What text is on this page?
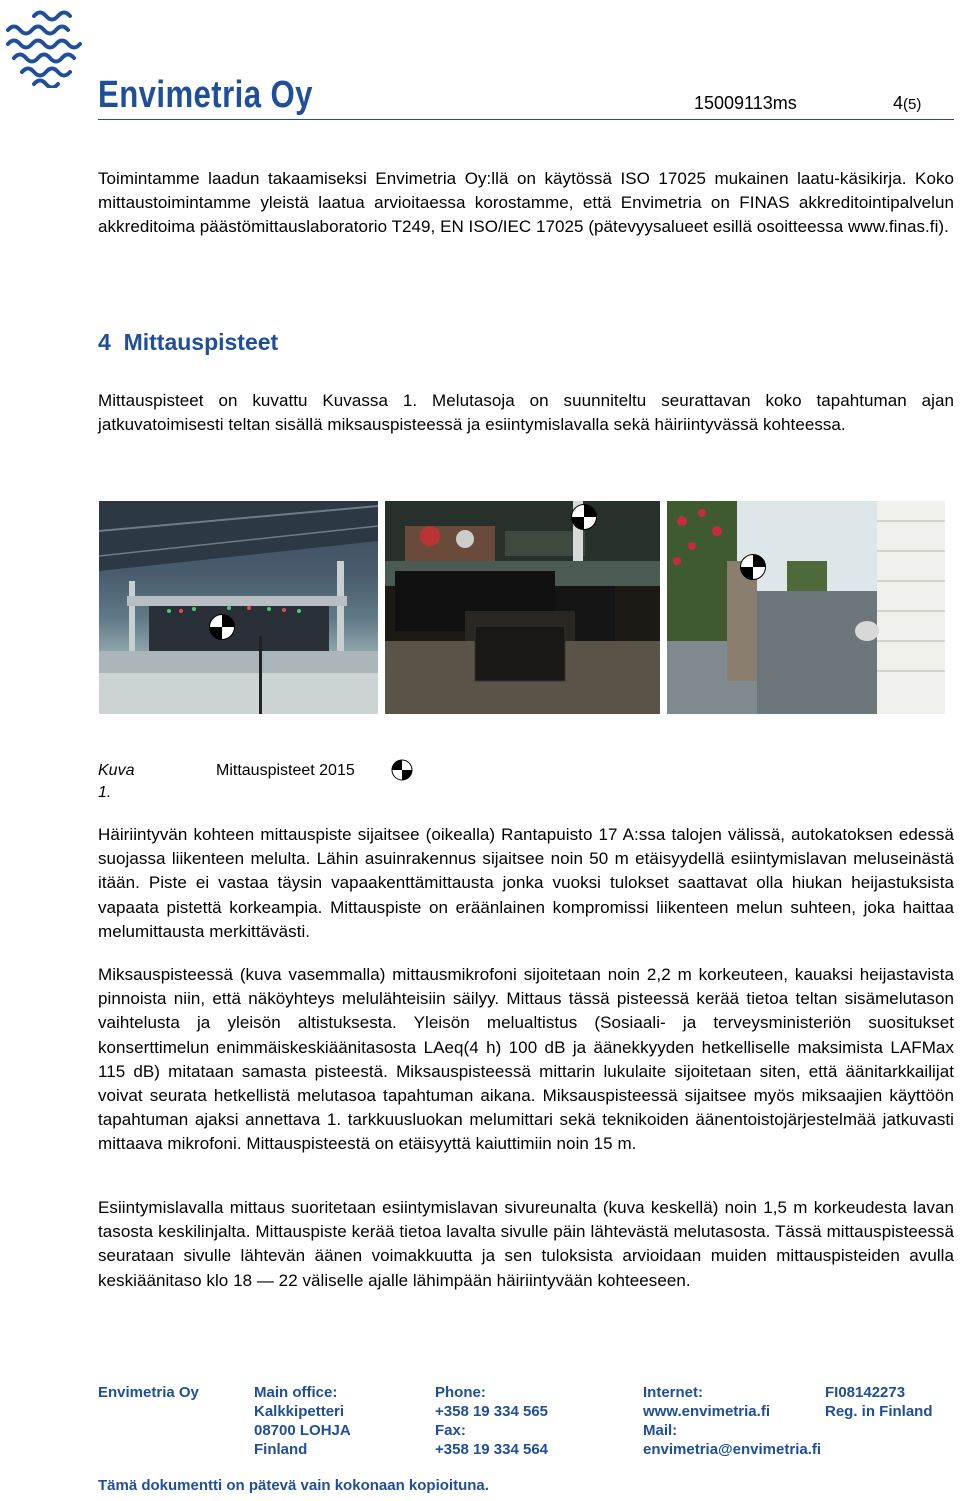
Envimetria Oy	15009113ms	4(5)

Toimintamme laadun takaamiseksi Envimetria Oy:llä on käytössä ISO 17025 mukainen laatu-käsikirja. Koko mittaustoimintamme yleistä laatua arvioitaessa korostamme, että Envimetria on FINAS akkreditointipalvelun akkreditoima päästömittauslaboratorio T249, EN ISO/IEC 17025 (pätevyysalueet esillä osoitteessa www.finas.fi).

4 Mittauspisteet

Mittauspisteet on kuvattu Kuvassa 1. Melutasoja on suunniteltu seurattavan koko tapahtuman ajan jatkuvatoimisesti teltan sisällä miksauspisteessä ja esiintymislavalla sekä häiriintyvässä kohteessa.

Kuva 1.
Mittauspisteet 2015

Häiriintyvän kohteen mittauspiste sijaitsee (oikealla) Rantapuisto 17 A:ssa talojen välissä, autokatoksen edessä suojassa liikenteen melulta. Lähin asuinrakennus sijaitsee noin 50 m etäisyydellä esiintymislavan meluseinästä itään. Piste ei vastaa täysin vapaakenttämittausta jonka vuoksi tulokset saattavat olla hiukan heijastuksista vapaata pistettä korkeampia. Mittauspiste on eräänlainen kompromissi liikenteen melun suhteen, joka haittaa melumittausta merkittävästi.

Miksauspisteessä (kuva vasemmalla) mittausmikrofoni sijoitetaan noin 2,2 m korkeuteen, kauaksi heijastavista pinnoista niin, että näköyhteys melulähteisiin säilyy. Mittaus tässä pisteessä kerää tietoa teltan sisämelutason vaihtelusta ja yleisön altistuksesta. Yleisön melualtistus (Sosiaali- ja terveysministeriön suositukset konserttimelun enimmäiskeskiäänitasosta LAeq(4 h) 100 dB ja äänekkyyden hetkelliselle maksimista LAFMax 115 dB) mitataan samasta pisteestä. Miksauspisteessä mittarin lukulaite sijoitetaan siten, että äänitarkkailijat voivat seurata hetkellistä melutasoa tapahtuman aikana. Miksauspisteessä sijaitsee myös miksaajien käyttöön tapahtuman ajaksi annettava 1. tarkkuusluokan melumittari sekä teknikoiden äänentoistojärjestelmää jatkuvasti mittaava mikrofoni. Mittauspisteestä on etäisyyttä kaiuttimiin noin 15 m.

Esiintymislavalla mittaus suoritetaan esiintymislavan sivureunalta (kuva keskellä) noin 1,5 m korkeudesta lavan tasosta keskilinjalta. Mittauspiste kerää tietoa lavalta sivulle päin lähtevästä melutasosta. Tässä mittauspisteessä seurataan sivulle lähtevän äänen voimakkuutta ja sen tuloksista arvioidaan muiden mittauspisteiden avulla keskiäänitaso klo 18 — 22 väliselle ajalle lähimpään häiriintyvään kohteeseen.

Envimetria Oy	Main office:
Kalkkipetteri
08700 LOHJA
Finland
Phone:
+358 19 334 565
Fax:
+358 19 334 564
Internet:
www.envimetria.fi
Mail:
envimetria@envimetria.fi
FI08142273
Reg. in Finland
Tämä dokumentti on pätevä vain kokonaan kopioituna.
